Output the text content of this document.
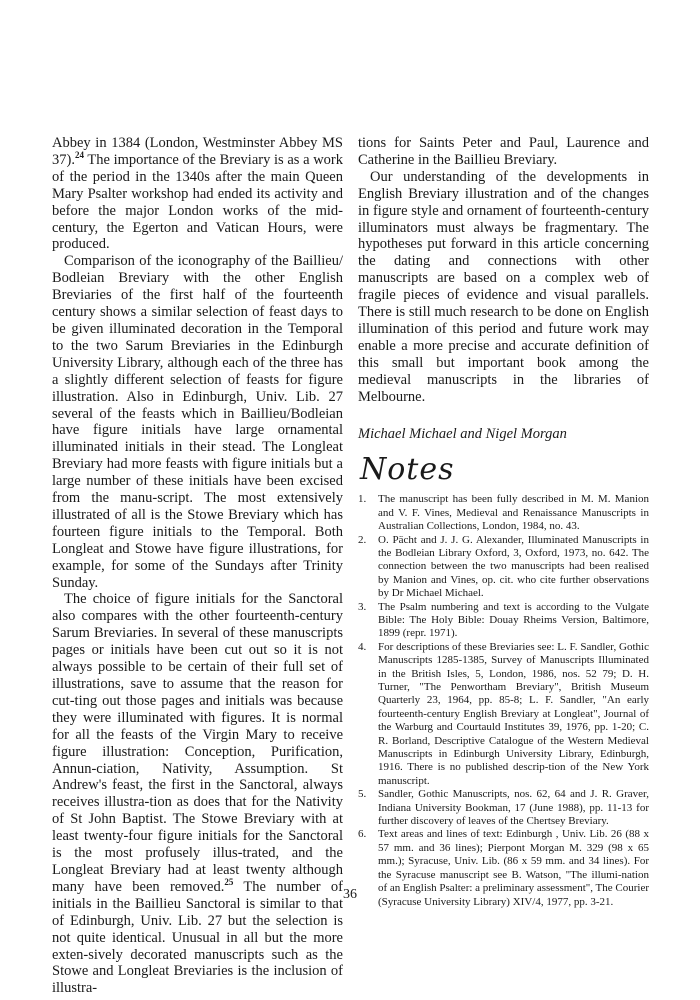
Abbey in 1384 (London, Westminster Abbey MS 37).$^{24}$ The importance of the Breviary is as a work of the period in the 1340s after the main Queen Mary Psalter workshop had ended its activity and before the major London works of the mid-century, the Egerton and Vatican Hours, were produced.

Comparison of the iconography of the Baillieu/ Bodleian Breviary with the other English Breviaries of the first half of the fourteenth century shows a similar selection of feast days to be given illuminated decoration in the Temporal to the two Sarum Breviaries in the Edinburgh University Library, although each of the three has a slightly different selection of feasts for figure illustration. Also in Edinburgh, Univ. Lib. 27 several of the feasts which in Baillieu/Bodleian have figure initials have large ornamental illuminated initials in their stead. The Longleat Breviary had more feasts with figure initials but a large number of these initials have been excised from the manu-script. The most extensively illustrated of all is the Stowe Breviary which has fourteen figure initials to the Temporal. Both Longleat and Stowe have figure illustrations, for example, for some of the Sundays after Trinity Sunday.

The choice of figure initials for the Sanctoral also compares with the other fourteenth-century Sarum Breviaries. In several of these manuscripts pages or initials have been cut out so it is not always possible to be certain of their full set of illustrations, save to assume that the reason for cut-ting out those pages and initials was because they were illuminated with figures. It is normal for all the feasts of the Virgin Mary to receive figure illustration: Conception, Purification, Annun-ciation, Nativity, Assumption. St Andrew's feast, the first in the Sanctoral, always receives illustra-tion as does that for the Nativity of St John Baptist. The Stowe Breviary with at least twenty-four figure initials for the Sanctoral is the most profusely illus-trated, and the Longleat Breviary had at least twenty although many have been removed.$^{25}$ The number of initials in the Baillieu Sanctoral is similar to that of Edinburgh, Univ. Lib. 27 but the selection is not quite identical. Unusual in all but the more exten-sively decorated manuscripts such as the Stowe and Longleat Breviaries is the inclusion of illustra-

tions for Saints Peter and Paul, Laurence and Catherine in the Baillieu Breviary.

Our understanding of the developments in English Breviary illustration and of the changes in figure style and ornament of fourteenth-century illuminators must always be fragmentary. The hypotheses put forward in this article concerning the dating and connections with other manuscripts are based on a complex web of fragile pieces of evidence and visual parallels. There is still much research to be done on English illumination of this period and future work may enable a more precise and accurate definition of this small but important book among the medieval manuscripts in the libraries of Melbourne.

Michael Michael and Nigel Morgan

Notes
1.	The manuscript has been fully described in M. M. Manion and V. F. Vines, Medieval and Renaissance Manuscripts in Australian Collections, London, 1984, no. 43.
2.	O. Pächt and J. J. G. Alexander, Illuminated Manuscripts in the Bodleian Library Oxford, 3, Oxford, 1973, no. 642. The connection between the two manuscripts had been realised by Manion and Vines, op. cit. who cite further observations by Dr Michael Michael.
3.	The Psalm numbering and text is according to the Vulgate Bible: The Holy Bible: Douay Rheims Version, Baltimore, 1899 (repr. 1971).
4.	For descriptions of these Breviaries see: L. F. Sandler, Gothic Manuscripts 1285-1385, Survey of Manuscripts Illuminated in the British Isles, 5, London, 1986, nos. 52 79; D. H. Turner, "The Penwortham Breviary", British Museum Quarterly 23, 1964, pp. 85-8; L. F. Sandler, "An early fourteenth-century English Breviary at Longleat", Journal of the Warburg and Courtauld Institutes 39, 1976, pp. 1-20; C. R. Borland, Descriptive Catalogue of the Western Medieval Manuscripts in Edinburgh University Library, Edinburgh, 1916. There is no published descrip-tion of the New York manuscript.
5.	Sandler, Gothic Manuscripts, nos. 62, 64 and J. R. Graver, Indiana University Bookman, 17 (June 1988), pp. 11-13 for further discovery of leaves of the Chertsey Breviary.
6.	Text areas and lines of text: Edinburgh , Univ. Lib. 26 (88 x 57 mm. and 36 lines); Pierpont Morgan M. 329 (98 x 65 mm.); Syracuse, Univ. Lib. (86 x 59 mm. and 34 lines). For the Syracuse manuscript see B. Watson, "The illumi-nation of an English Psalter: a preliminary assessment", The Courier (Syracuse University Library) XIV/4, 1977, pp. 3-21.
36
